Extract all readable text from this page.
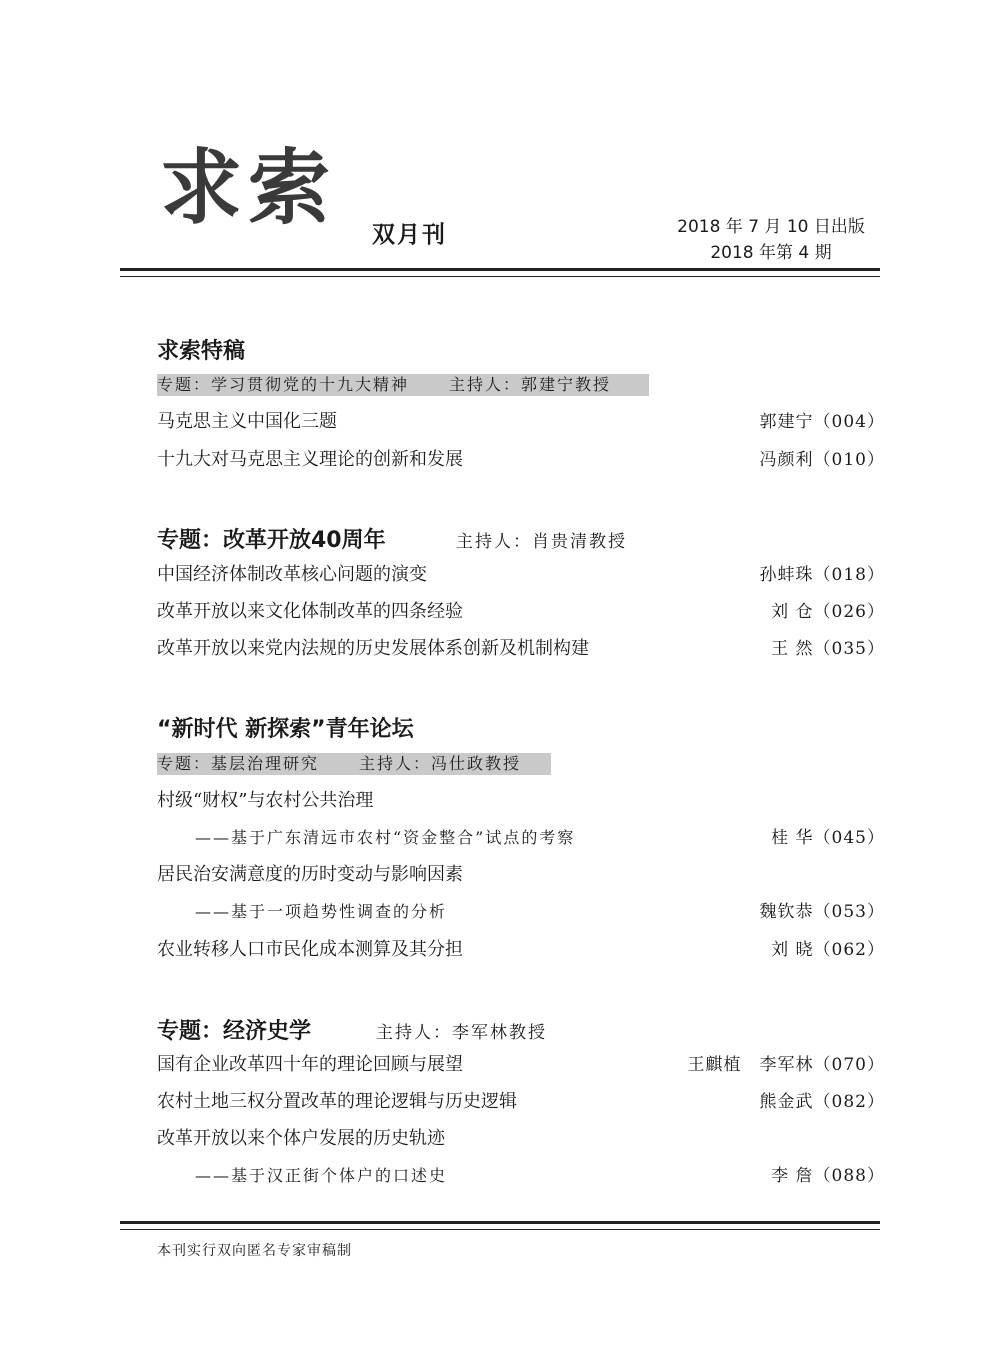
求索 双月刊	2018 年 7 月 10 日出版
2018 年第 4 期
求索特稿
专题：学习贯彻党的十九大精神	主持人：郭建宁教授
马克思主义中国化三题	郭建宁（004）
十九大对马克思主义理论的创新和发展	冯颜利（010）
专题：改革开放40周年	主持人：肖贵清教授
中国经济体制改革核心问题的演变	孙蚌珠（018）
改革开放以来文化体制改革的四条经验	刘 仓（026）
改革开放以来党内法规的历史发展体系创新及机制构建	王 然（035）
“新时代 新探索”青年论坛
专题：基层治理研究	主持人：冯仕政教授
村级“财权”与农村公共治理
——基于广东清远市农村“资金整合”试点的考察	桂 华（045）
居民治安满意度的历时变动与影响因素
——基于一项趋势性调查的分析	魏钦恭（053）
农业转移人口市民化成本测算及其分担	刘 晓（062）
专题：经济史学	主持人：李军林教授
国有企业改革四十年的理论回顾与展望	王麒植　李军林（070）
农村土地三权分置改革的理论逻辑与历史逻辑	熊金武（082）
改革开放以来个体户发展的历史轨迹
——基于汉正街个体户的口述史	李 詹（088）
本刊实行双向匿名专家审稿制
